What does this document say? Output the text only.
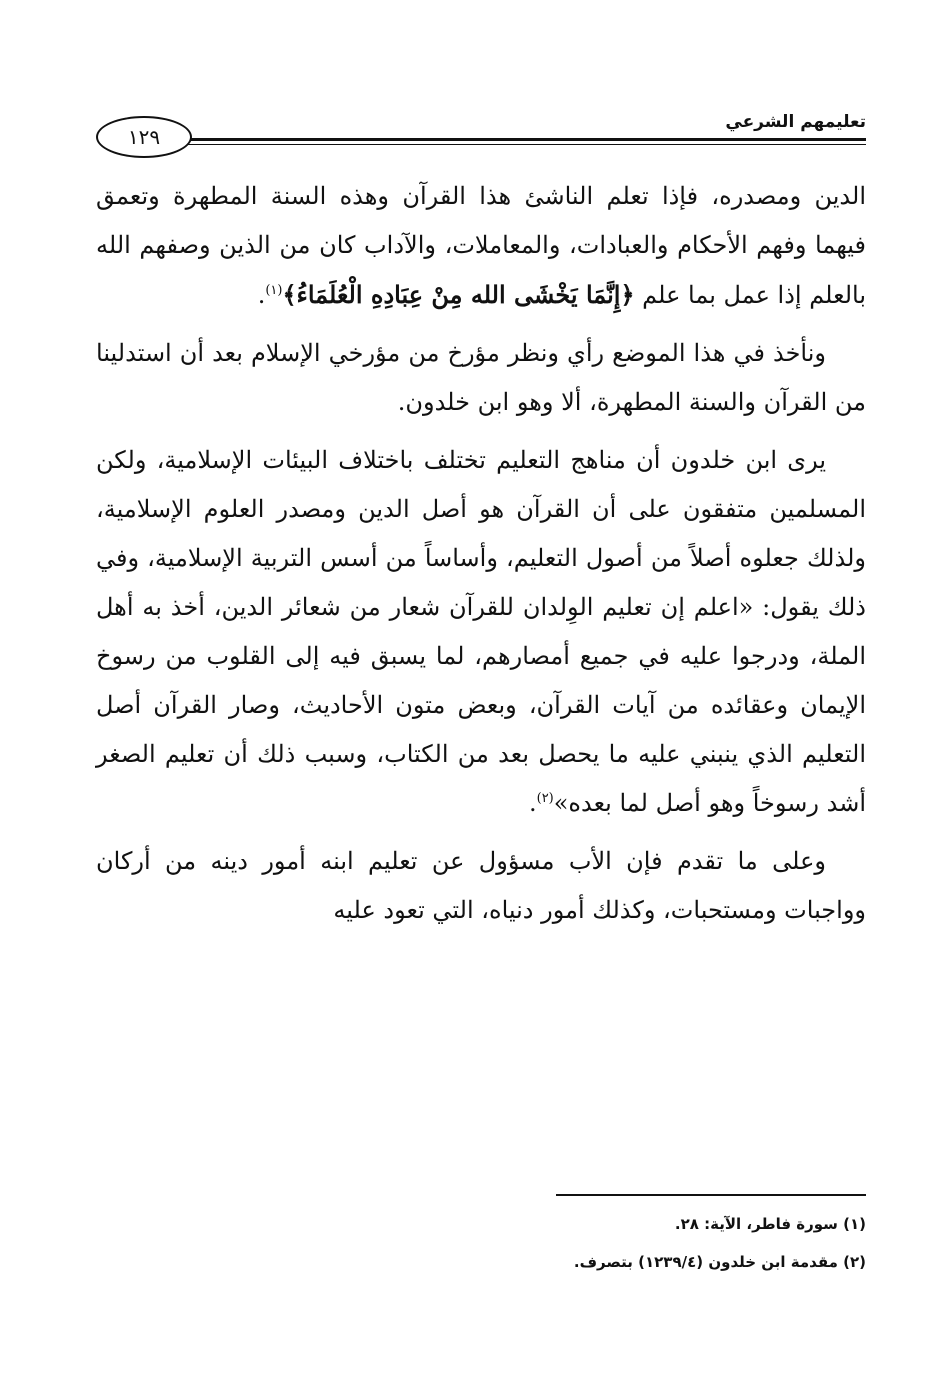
تعليمهم الشرعي
١٢٩

الدين ومصدره، فإذا تعلم الناشئ هذا القرآن وهذه السنة المطهرة وتعمق فيهما وفهم الأحكام والعبادات، والمعاملات، والآداب كان من الذين وصفهم الله بالعلم إذا عمل بما علم ﴿إِنَّمَا يَخْشَى الله مِنْ عِبَادِهِ الْعُلَمَاءُ﴾$^{(١)}$.

ونأخذ في هذا الموضع رأي ونظر مؤرخ من مؤرخي الإسلام بعد أن استدلينا من القرآن والسنة المطهرة، ألا وهو ابن خلدون.

يرى ابن خلدون أن مناهج التعليم تختلف باختلاف البيئات الإسلامية، ولكن المسلمين متفقون على أن القرآن هو أصل الدين ومصدر العلوم الإسلامية، ولذلك جعلوه أصلاً من أصول التعليم، وأساساً من أسس التربية الإسلامية، وفي ذلك يقول: «اعلم إن تعليم الوِلدان للقرآن شعار من شعائر الدين، أخذ به أهل الملة، ودرجوا عليه في جميع أمصارهم، لما يسبق فيه إلى القلوب من رسوخ الإيمان وعقائده من آيات القرآن، وبعض متون الأحاديث، وصار القرآن أصل التعليم الذي ينبني عليه ما يحصل بعد من الكتاب، وسبب ذلك أن تعليم الصغر أشد رسوخاً وهو أصل لما بعده»$^{(٢)}$.

وعلى ما تقدم فإن الأب مسؤول عن تعليم ابنه أمور دينه من أركان وواجبات ومستحبات، وكذلك أمور دنياه، التي تعود عليه

(١) سورة فاطر، الآية: ٢٨.
(٢) مقدمة ابن خلدون (١٢٣٩/٤) بتصرف.
